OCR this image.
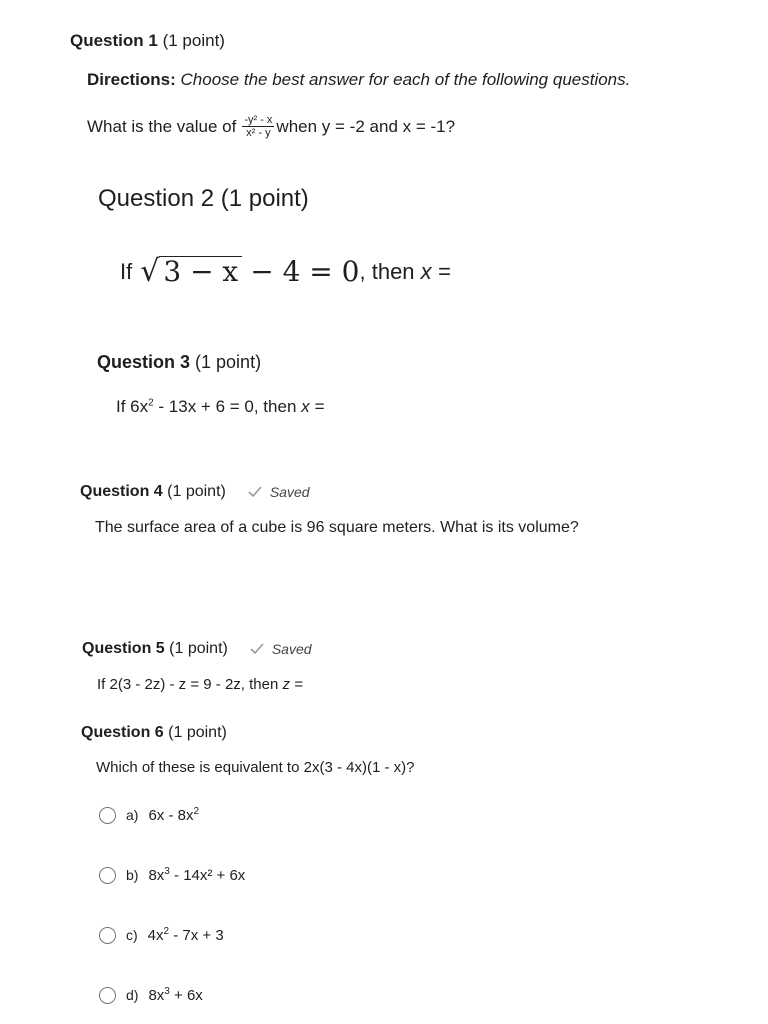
Question 1 (1 point)
Directions: Choose the best answer for each of the following questions.
What is the value of $\frac{\text{-y² - x}}{\text{x² - y}}$ when
y = -2
and
x = -1?
Question 2 (1 point)
If √ 3 − x − 4 = 0 , then
x =
Question 3 (1 point)
If $6x^2 - 13x + 6 = 0$, then x =
Question 4
(1 point)	Saved
The surface area of a cube is 96 square meters. What is its volume?
Question 5
(1 point)	Saved
If 2(3 - 2z) - z = 9 - 2z, then z =
Question 6 (1 point)
Which of these is equivalent to 2x(3 - 4x)(1 - x)?
a) $6x - 8x^2$
b) $8x^3 - 14x^2 + 6x$
c) $4x^2 - 7x + 3$
d) $8x^3 + 6x$
